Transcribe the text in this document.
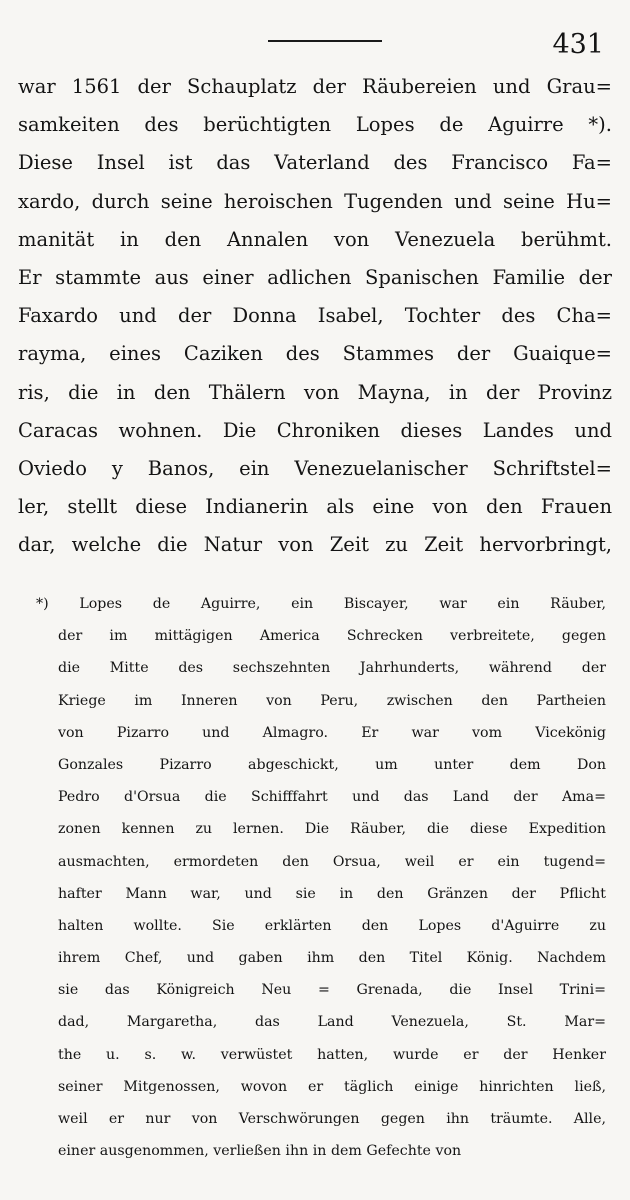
431
war 1561 der Schauplatz der Räubereien und Grau=
samkeiten des berüchtigten Lopes de Aguirre *).
Diese Insel ist das Vaterland des Francisco Fa=
xardo, durch seine heroischen Tugenden und seine Hu=
manität in den Annalen von Venezuela berühmt.
Er stammte aus einer adlichen Spanischen Familie der
Faxardo und der Donna Isabel, Tochter des Cha=
rayma, eines Caziken des Stammes der Guaique=
ris, die in den Thälern von Mayna, in der Provinz
Caracas wohnen. Die Chroniken dieses Landes und
Oviedo y Banos, ein Venezuelanischer Schriftstel=
ler, stellt diese Indianerin als eine von den Frauen
dar, welche die Natur von Zeit zu Zeit hervorbringt,
*) Lopes de Aguirre, ein Biscayer, war ein Räuber,
der im mittägigen America Schrecken verbreitete, gegen
die Mitte des sechszehnten Jahrhunderts, während der
Kriege im Inneren von Peru, zwischen den Partheien
von Pizarro und Almagro. Er war vom Vicekönig
Gonzales Pizarro abgeschickt, um unter dem Don
Pedro d'Orsua die Schifffahrt und das Land der Ama=
zonen kennen zu lernen. Die Räuber, die diese Expedition
ausmachten, ermordeten den Orsua, weil er ein tugend=
hafter Mann war, und sie in den Gränzen der Pflicht
halten wollte. Sie erklärten den Lopes d'Aguirre zu
ihrem Chef, und gaben ihm den Titel König. Nachdem
sie das Königreich Neu = Grenada, die Insel Trini=
dad, Margaretha, das Land Venezuela, St. Mar=
the u. s. w. verwüstet hatten, wurde er der Henker
seiner Mitgenossen, wovon er täglich einige hinrichten ließ,
weil er nur von Verschwörungen gegen ihn träumte. Alle,
einer ausgenommen, verließen ihn in dem Gefechte von
